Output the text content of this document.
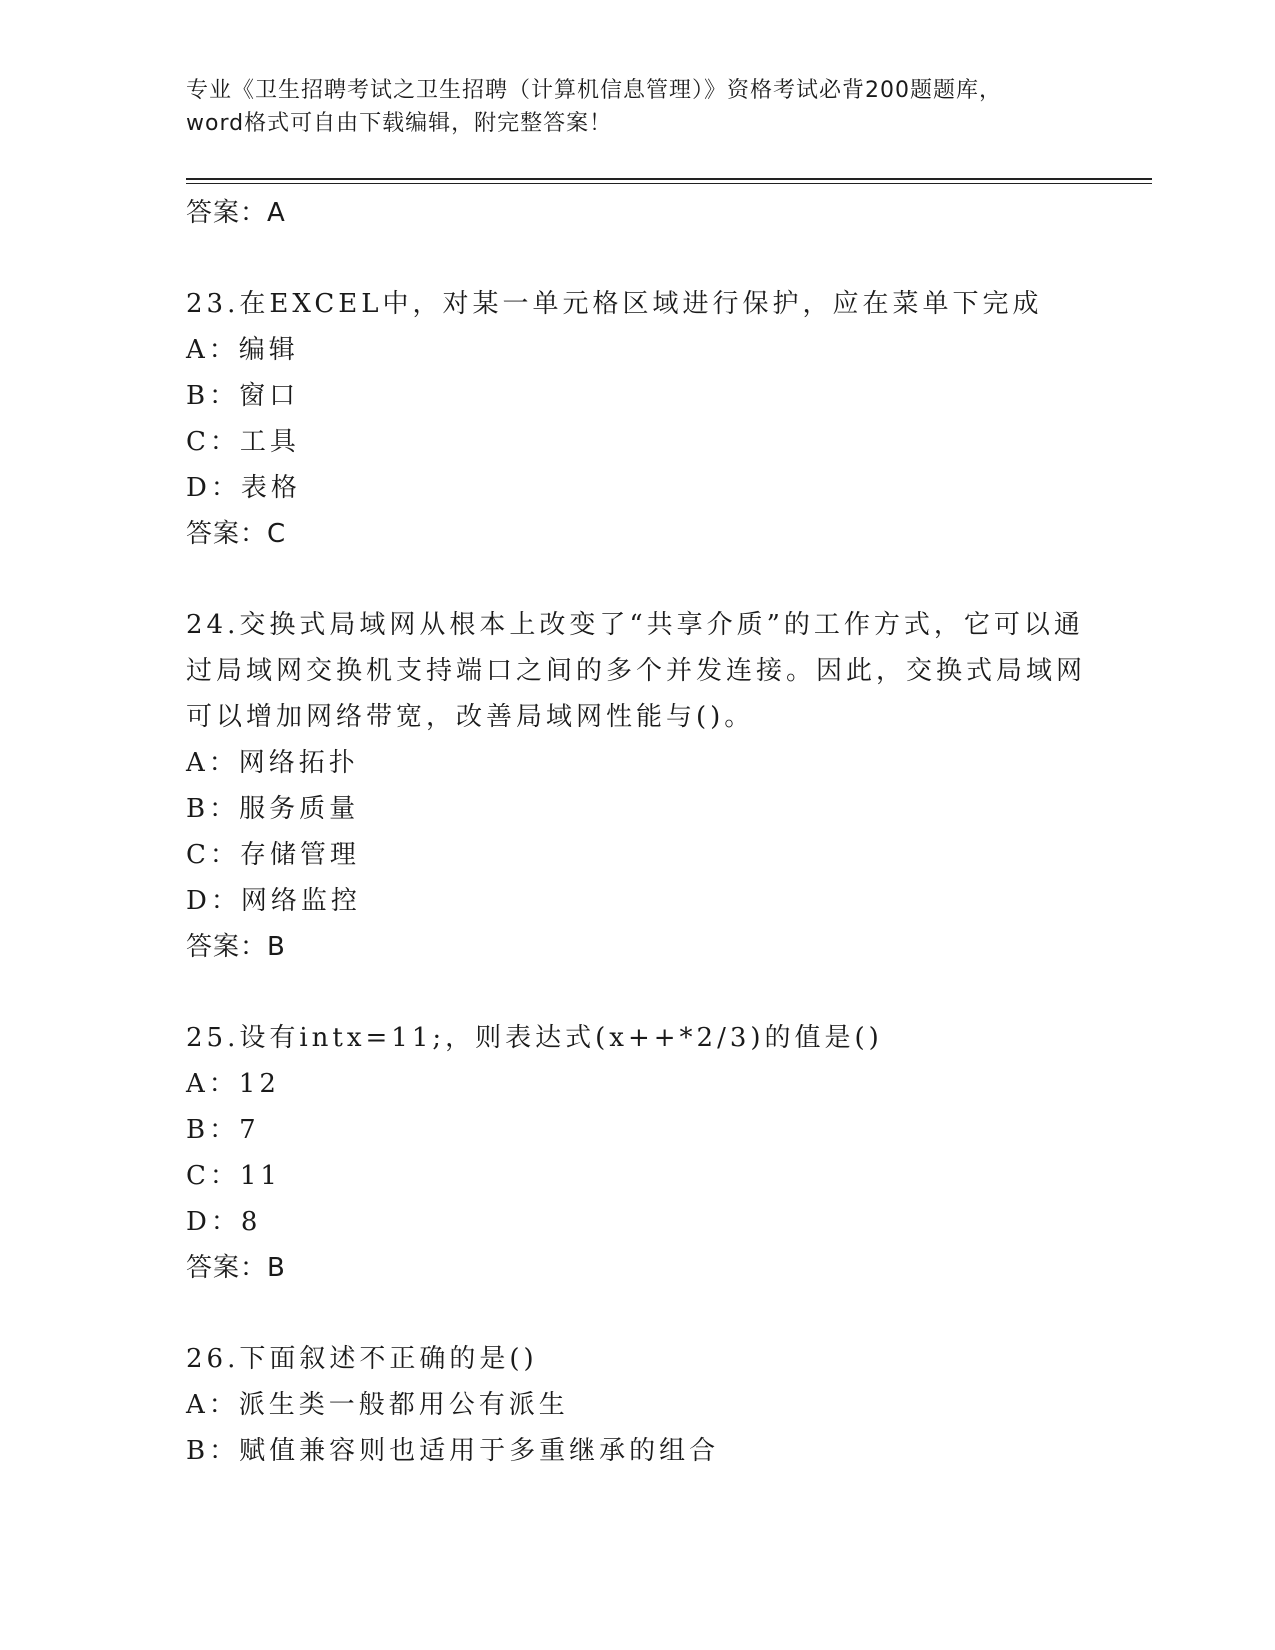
专业《卫生招聘考试之卫生招聘（计算机信息管理）》资格考试必背200题题库，
word格式可自由下载编辑，附完整答案！
答案：A
23.在EXCEL中，对某一单元格区域进行保护，应在菜单下完成
A：编辑
B：窗口
C：工具
D：表格
答案：C
24.交换式局域网从根本上改变了“共享介质”的工作方式，它可以通
过局域网交换机支持端口之间的多个并发连接。因此，交换式局域网
可以增加网络带宽，改善局域网性能与()。
A：网络拓扑
B：服务质量
C：存储管理
D：网络监控
答案：B
25.设有intx=11;，则表达式(x++*2/3)的值是()
A：12
B：7
C：11
D：8
答案：B
26.下面叙述不正确的是()
A：派生类一般都用公有派生
B：赋值兼容则也适用于多重继承的组合
